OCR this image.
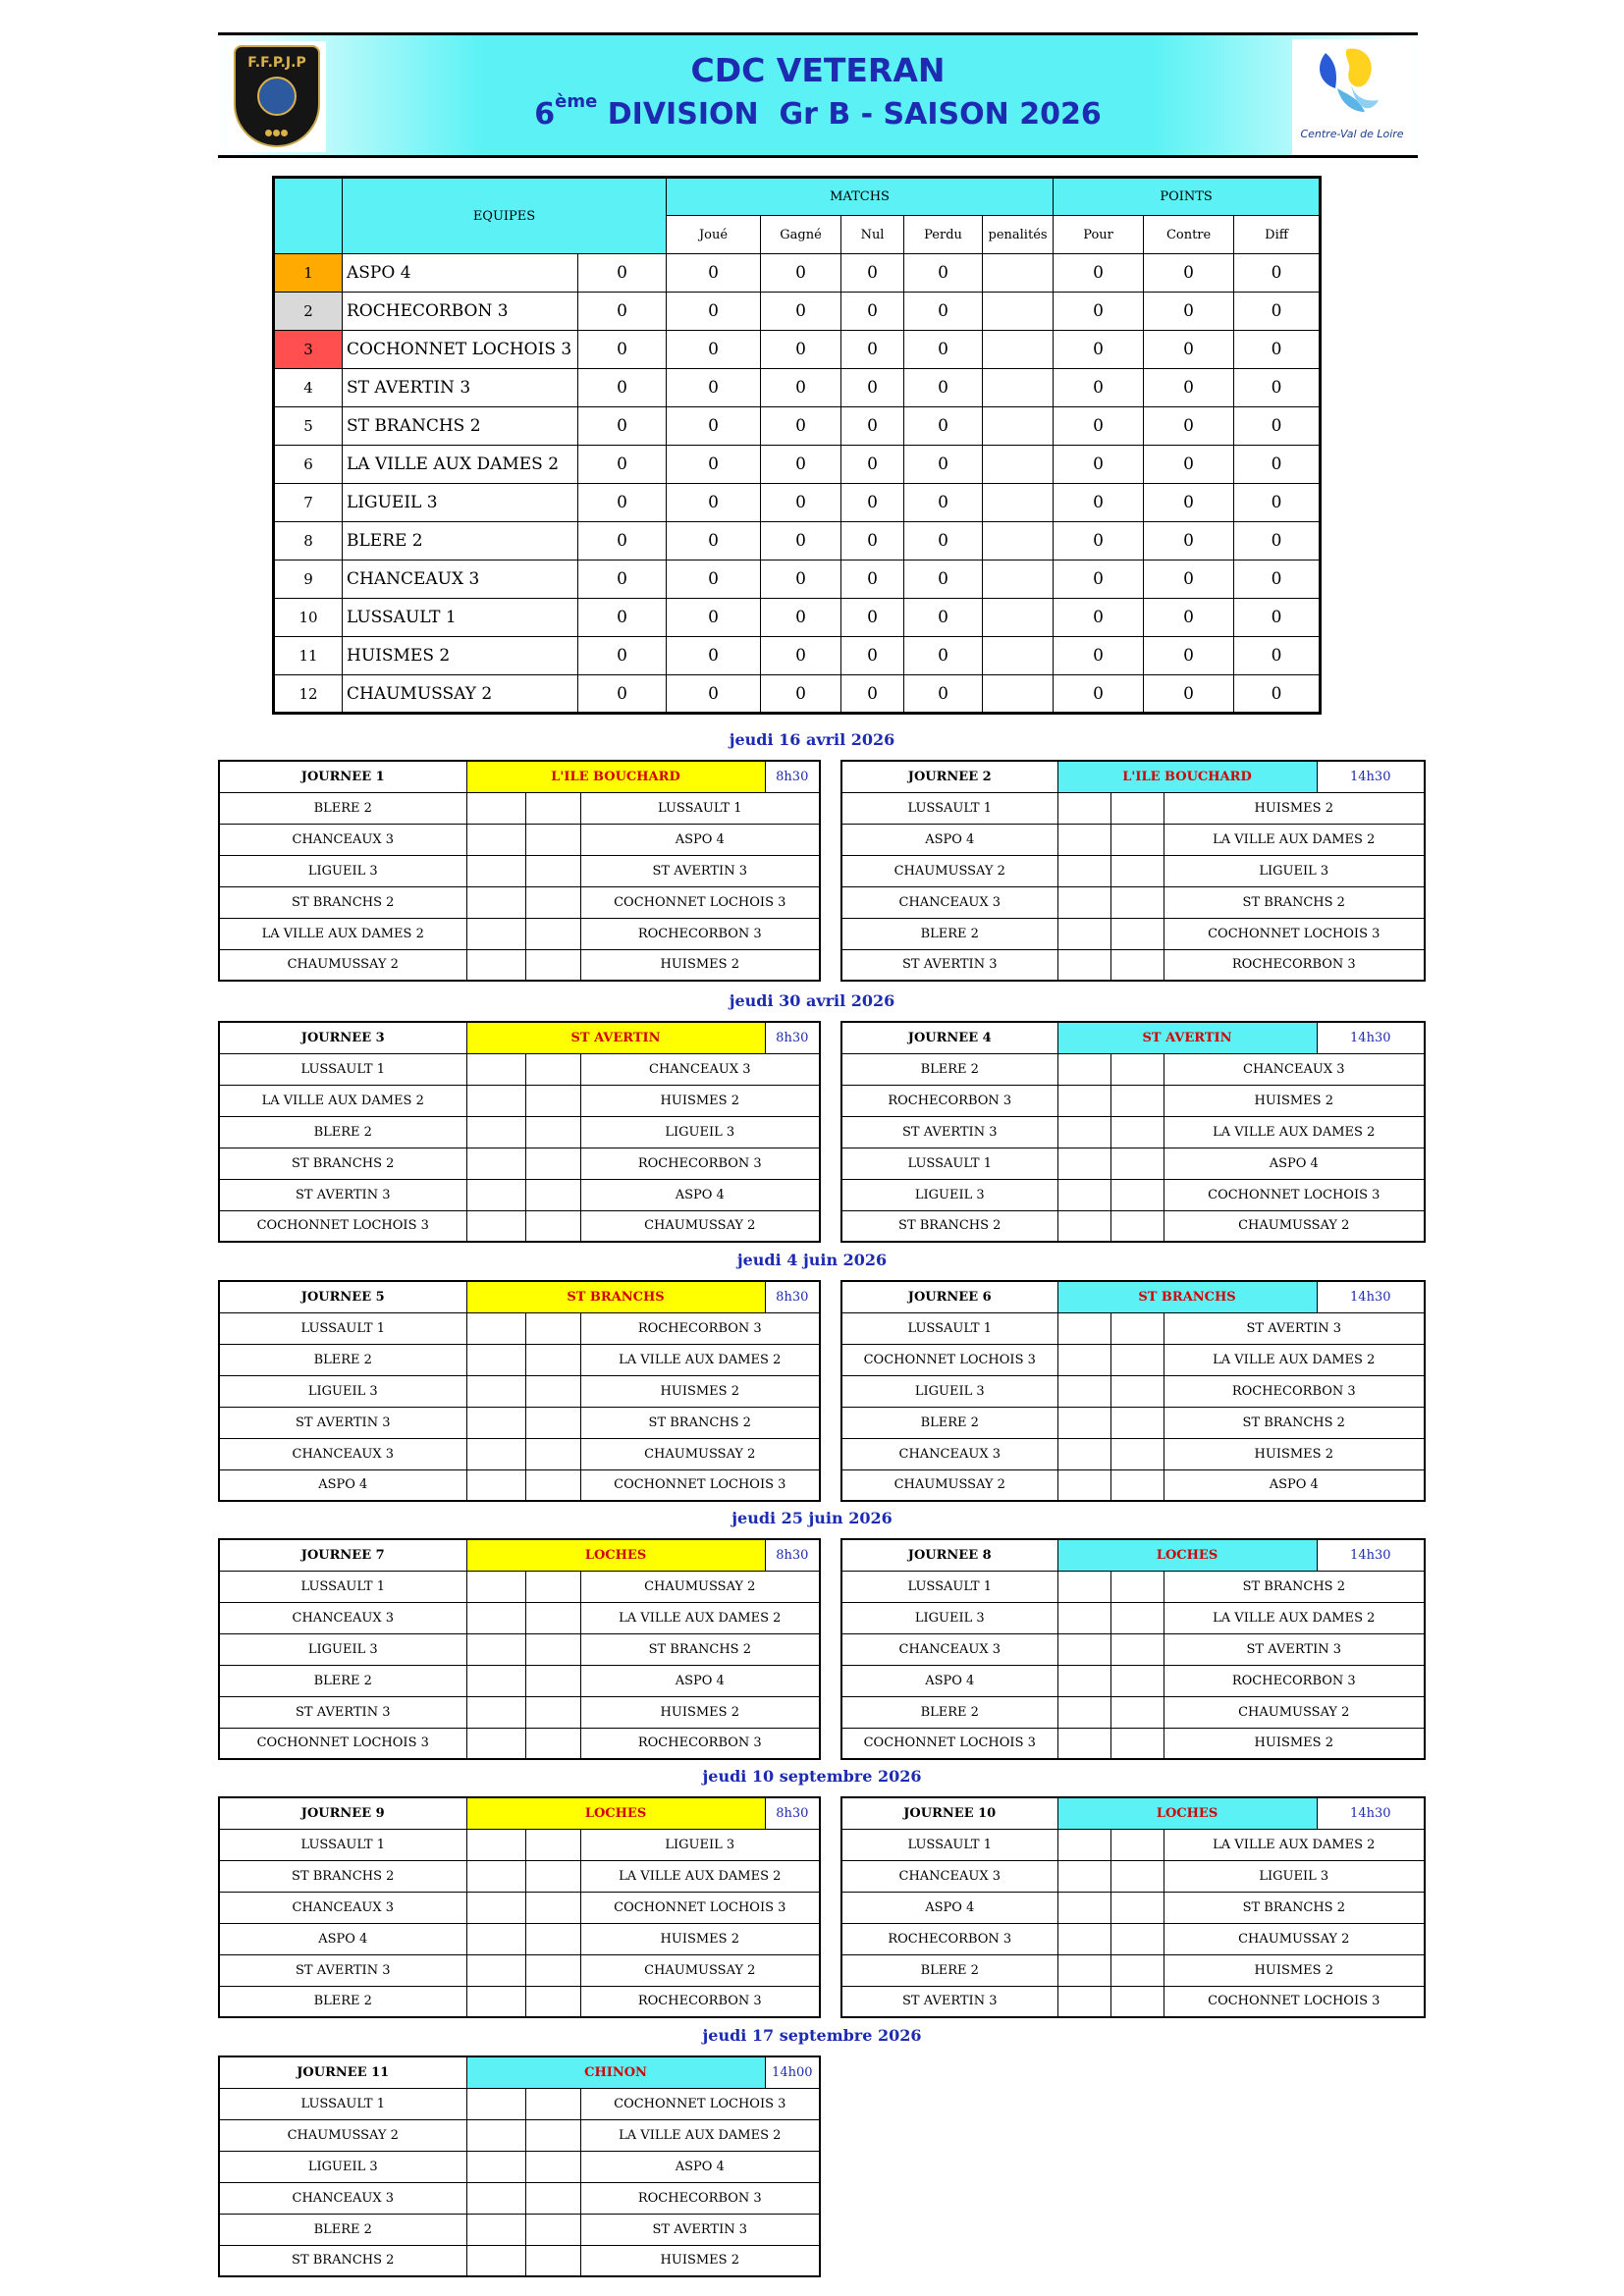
F.F.P.J.P
Centre-Val de Loire
CDC VETERAN
6ème DIVISION  Gr B - SAISON 2026
	EQUIPES		MATCHS					POINTS		
			Joué	Gagné	Nul	Perdu	penalités	Pour	Contre	Diff
1	ASPO 4	0	0	0	0	0		0	0	0
2	ROCHECORBON 3	0	0	0	0	0		0	0	0
3	COCHONNET LOCHOIS 3	0	0	0	0	0		0	0	0
4	ST AVERTIN 3	0	0	0	0	0		0	0	0
5	ST BRANCHS 2	0	0	0	0	0		0	0	0
6	LA VILLE AUX DAMES 2	0	0	0	0	0		0	0	0
7	LIGUEIL 3	0	0	0	0	0		0	0	0
8	BLERE 2	0	0	0	0	0		0	0	0
9	CHANCEAUX 3	0	0	0	0	0		0	0	0
10	LUSSAULT 1	0	0	0	0	0		0	0	0
11	HUISMES 2	0	0	0	0	0		0	0	0
12	CHAUMUSSAY 2	0	0	0	0	0		0	0	0
jeudi 16 avril 2026
jeudi 30 avril 2026
jeudi 4 juin 2026
jeudi 25 juin 2026
jeudi 10 septembre 2026
jeudi 17 septembre 2026
JOURNEE 1	L'ILE BOUCHARD			8h30
BLERE 2			LUSSAULT 1	
CHANCEAUX 3			ASPO 4	
LIGUEIL 3			ST AVERTIN 3	
ST BRANCHS 2			COCHONNET LOCHOIS 3	
LA VILLE AUX DAMES 2			ROCHECORBON 3	
CHAUMUSSAY 2			HUISMES 2	
JOURNEE 2	L'ILE BOUCHARD			14h30
LUSSAULT 1			HUISMES 2	
ASPO 4			LA VILLE AUX DAMES 2	
CHAUMUSSAY 2			LIGUEIL 3	
CHANCEAUX 3			ST BRANCHS 2	
BLERE 2			COCHONNET LOCHOIS 3	
ST AVERTIN 3			ROCHECORBON 3	
JOURNEE 3	ST AVERTIN			8h30
LUSSAULT 1			CHANCEAUX 3	
LA VILLE AUX DAMES 2			HUISMES 2	
BLERE 2			LIGUEIL 3	
ST BRANCHS 2			ROCHECORBON 3	
ST AVERTIN 3			ASPO 4	
COCHONNET LOCHOIS 3			CHAUMUSSAY 2	
JOURNEE 4	ST AVERTIN			14h30
BLERE 2			CHANCEAUX 3	
ROCHECORBON 3			HUISMES 2	
ST AVERTIN 3			LA VILLE AUX DAMES 2	
LUSSAULT 1			ASPO 4	
LIGUEIL 3			COCHONNET LOCHOIS 3	
ST BRANCHS 2			CHAUMUSSAY 2	
JOURNEE 5	ST BRANCHS			8h30
LUSSAULT 1			ROCHECORBON 3	
BLERE 2			LA VILLE AUX DAMES 2	
LIGUEIL 3			HUISMES 2	
ST AVERTIN 3			ST BRANCHS 2	
CHANCEAUX 3			CHAUMUSSAY 2	
ASPO 4			COCHONNET LOCHOIS 3	
JOURNEE 6	ST BRANCHS			14h30
LUSSAULT 1			ST AVERTIN 3	
COCHONNET LOCHOIS 3			LA VILLE AUX DAMES 2	
LIGUEIL 3			ROCHECORBON 3	
BLERE 2			ST BRANCHS 2	
CHANCEAUX 3			HUISMES 2	
CHAUMUSSAY 2			ASPO 4	
JOURNEE 7	LOCHES			8h30
LUSSAULT 1			CHAUMUSSAY 2	
CHANCEAUX 3			LA VILLE AUX DAMES 2	
LIGUEIL 3			ST BRANCHS 2	
BLERE 2			ASPO 4	
ST AVERTIN 3			HUISMES 2	
COCHONNET LOCHOIS 3			ROCHECORBON 3	
JOURNEE 8	LOCHES			14h30
LUSSAULT 1			ST BRANCHS 2	
LIGUEIL 3			LA VILLE AUX DAMES 2	
CHANCEAUX 3			ST AVERTIN 3	
ASPO 4			ROCHECORBON 3	
BLERE 2			CHAUMUSSAY 2	
COCHONNET LOCHOIS 3			HUISMES 2	
JOURNEE 9	LOCHES			8h30
LUSSAULT 1			LIGUEIL 3	
ST BRANCHS 2			LA VILLE AUX DAMES 2	
CHANCEAUX 3			COCHONNET LOCHOIS 3	
ASPO 4			HUISMES 2	
ST AVERTIN 3			CHAUMUSSAY 2	
BLERE 2			ROCHECORBON 3	
JOURNEE 10	LOCHES			14h30
LUSSAULT 1			LA VILLE AUX DAMES 2	
CHANCEAUX 3			LIGUEIL 3	
ASPO 4			ST BRANCHS 2	
ROCHECORBON 3			CHAUMUSSAY 2	
BLERE 2			HUISMES 2	
ST AVERTIN 3			COCHONNET LOCHOIS 3	
JOURNEE 11	CHINON			14h00
LUSSAULT 1			COCHONNET LOCHOIS 3	
CHAUMUSSAY 2			LA VILLE AUX DAMES 2	
LIGUEIL 3			ASPO 4	
CHANCEAUX 3			ROCHECORBON 3	
BLERE 2			ST AVERTIN 3	
ST BRANCHS 2			HUISMES 2	
